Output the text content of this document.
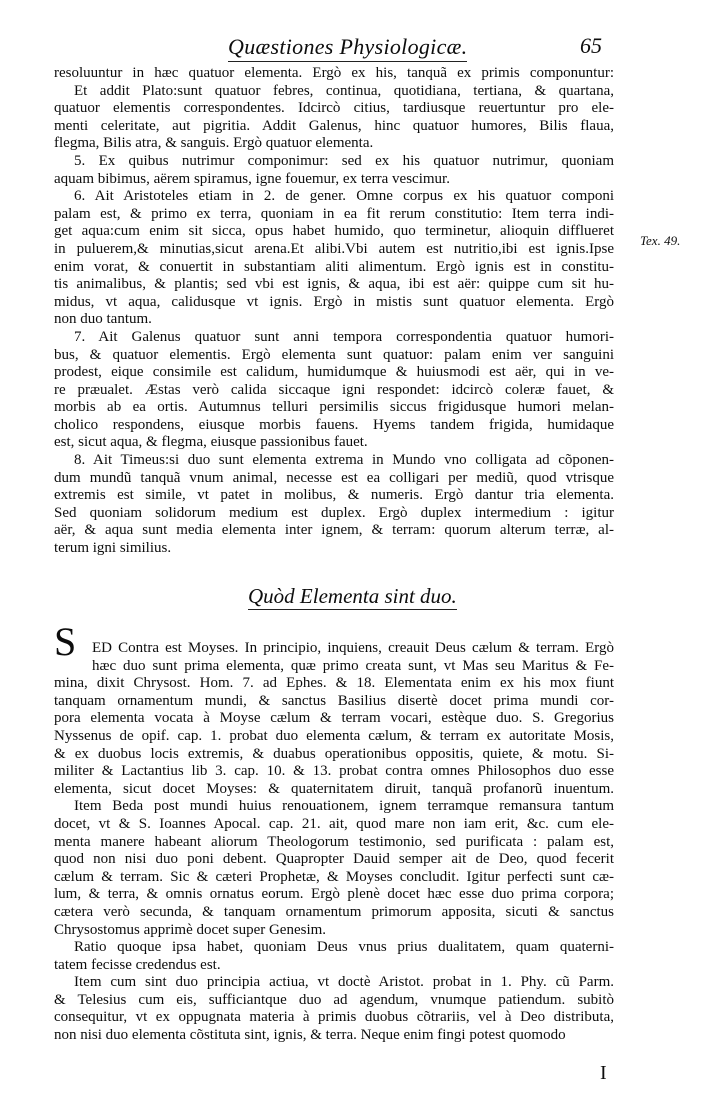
Quæstiones Physiologicæ.	65
Tex. 49.
resoluuntur in hæc quatuor elementa. Ergò ex his, tanquã ex primis componuntur:
Et addit Plato:sunt quatuor febres, continua, quotidiana, tertiana, & quartana,
quatuor elementis correspondentes. Idcircò citius, tardiusque reuertuntur pro ele-
menti celeritate, aut pigritia. Addit Galenus, hinc quatuor humores, Bilis flaua,
flegma, Bilis atra, & sanguis. Ergò quatuor elementa.
5. Ex quibus nutrimur componimur: sed ex his quatuor nutrimur, quoniam
aquam bibimus, aërem spiramus, igne fouemur, ex terra vescimur.
6. Ait Aristoteles etiam in 2. de gener. Omne corpus ex his quatuor componi
palam est, & primo ex terra, quoniam in ea fit rerum constitutio: Item terra indi-
get aqua:cum enim sit sicca, opus habet humido, quo terminetur, alioquin difflueret
in puluerem,& minutias,sicut arena.Et alibi.Vbi autem est nutritio,ibi est ignis.Ipse
enim vorat, & conuertit in substantiam aliti alimentum. Ergò ignis est in constitu-
tis animalibus, & plantis; sed vbi est ignis, & aqua, ibi est aër: quippe cum sit hu-
midus, vt aqua, calidusque vt ignis. Ergò in mistis sunt quatuor elementa. Ergò
non duo tantum.
7. Ait Galenus quatuor sunt anni tempora correspondentia quatuor humori-
bus, & quatuor elementis. Ergò elementa sunt quatuor: palam enim ver sanguini
prodest, eique consimile est calidum, humidumque & huiusmodi est aër, qui in ve-
re præualet. Æstas verò calida siccaque igni respondet: idcircò coleræ fauet, &
morbis ab ea ortis. Autumnus telluri persimilis siccus frigidusque humori melan-
cholico respondens, eiusque morbis fauens. Hyems tandem frigida, humidaque
est, sicut aqua, & flegma, eiusque passionibus fauet.
8. Ait Timeus:si duo sunt elementa extrema in Mundo vno colligata ad cõponen-
dum mundũ tanquã vnum animal, necesse est ea colligari per mediũ, quod vtrisque
extremis est simile, vt patet in molibus, & numeris. Ergò dantur tria elementa.
Sed quoniam solidorum medium est duplex. Ergò duplex intermedium : igitur
aër, & aqua sunt media elementa inter ignem, & terram: quorum alterum terræ, al-
terum igni similius.
Quòd Elementa sint duo.
S	ED Contra est Moyses. In principio, inquiens, creauit Deus cælum & terram. Ergò
hæc duo sunt prima elementa, quæ primo creata sunt, vt Mas seu Maritus & Fe-
mina, dixit Chrysost. Hom. 7. ad Ephes. & 18. Elementata enim ex his mox fiunt
tanquam ornamentum mundi, & sanctus Basilius disertè docet prima mundi cor-
pora elementa vocata à Moyse cælum & terram vocari, estèque duo. S. Gregorius
Nyssenus de opif. cap. 1. probat duo elementa cælum, & terram ex autoritate Mosis,
& ex duobus locis extremis, & duabus operationibus oppositis, quiete, & motu. Si-
militer & Lactantius lib 3. cap. 10. & 13. probat contra omnes Philosophos duo esse
elementa, sicut docet Moyses: & quaternitatem diruit, tanquã profanorũ inuentum.
Item Beda post mundi huius renouationem, ignem terramque remansura tantum
docet, vt & S. Ioannes Apocal. cap. 21. ait, quod mare non iam erit, &c. cum ele-
menta manere habeant aliorum Theologorum testimonio, sed purificata : palam est,
quod non nisi duo poni debent. Quapropter Dauid semper ait de Deo, quod fecerit
cælum & terram. Sic & cæteri Prophetæ, & Moyses concludit. Igitur perfecti sunt cæ-
lum, & terra, & omnis ornatus eorum. Ergò plenè docet hæc esse duo prima corpora;
cætera verò secunda, & tanquam ornamentum primorum apposita, sicuti & sanctus
Chrysostomus apprimè docet super Genesim.
Ratio quoque ipsa habet, quoniam Deus vnus prius dualitatem, quam quaterni-
tatem fecisse credendus est.
Item cum sint duo principia actiua, vt doctè Aristot. probat in 1. Phy. cũ Parm.
& Telesius cum eis, sufficiantque duo ad agendum, vnumque patiendum. subitò
consequitur, vt ex oppugnata materia à primis duobus cõtrariis, vel à Deo distributa,
non nisi duo elementa cõstituta sint, ignis, & terra. Neque enim fingi potest quomodo
I
